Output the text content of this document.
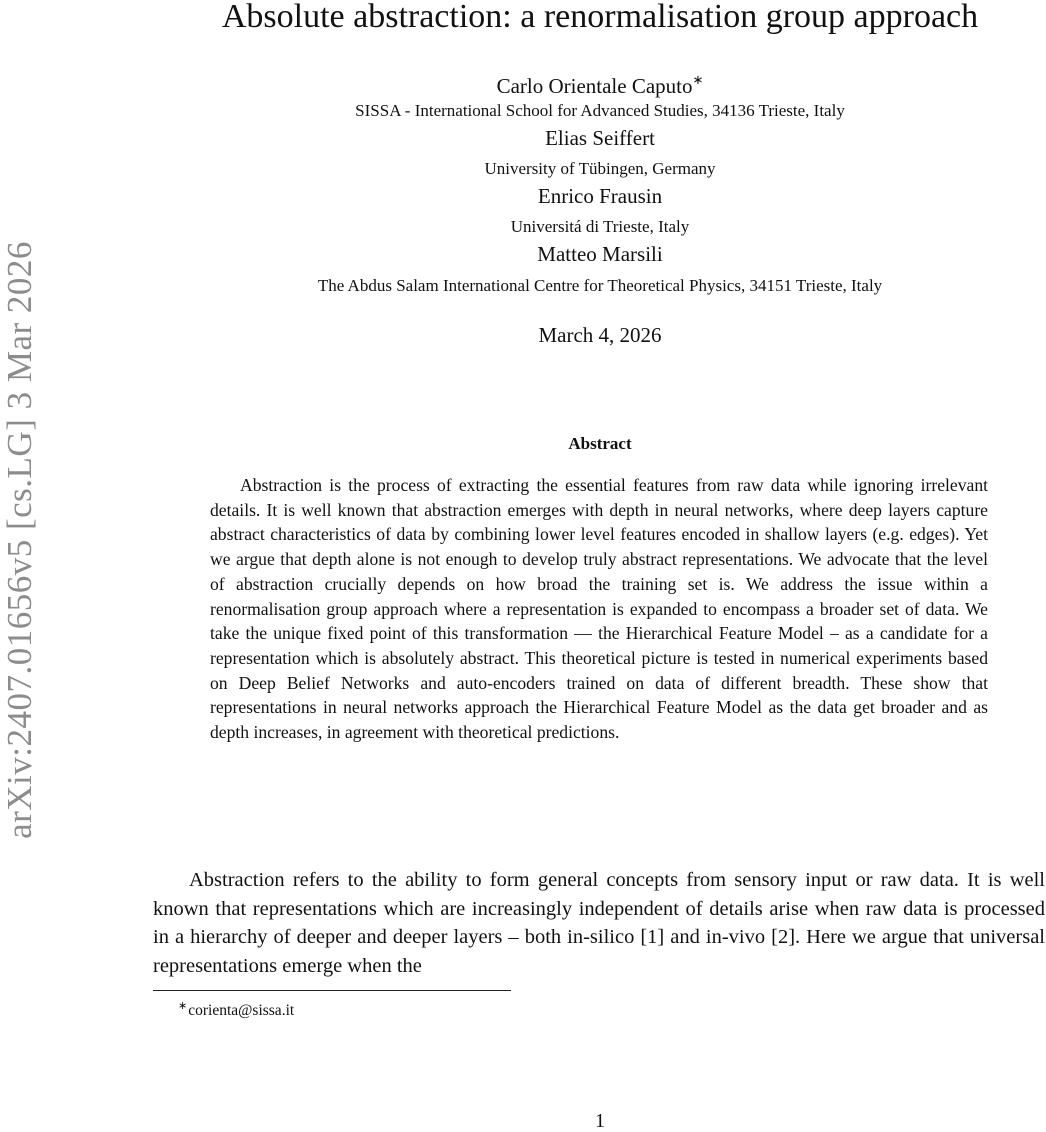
arXiv:2407.01656v5 [cs.LG] 3 Mar 2026
Absolute abstraction: a renormalisation group approach
Carlo Orientale Caputo∗
SISSA - International School for Advanced Studies, 34136 Trieste, Italy
Elias Seiffert
University of Tübingen, Germany
Enrico Frausin
Universitá di Trieste, Italy
Matteo Marsili
The Abdus Salam International Centre for Theoretical Physics, 34151 Trieste, Italy
March 4, 2026
Abstract
Abstraction is the process of extracting the essential features from raw data while ignoring irrelevant details. It is well known that abstraction emerges with depth in neural networks, where deep layers capture abstract characteristics of data by combining lower level features encoded in shallow layers (e.g. edges). Yet we argue that depth alone is not enough to develop truly abstract representations. We advocate that the level of abstraction crucially depends on how broad the training set is. We address the issue within a renormalisation group approach where a representation is expanded to encompass a broader set of data. We take the unique fixed point of this transformation — the Hierarchical Feature Model – as a candidate for a representation which is absolutely abstract. This theoretical picture is tested in numerical experiments based on Deep Belief Networks and auto-encoders trained on data of different breadth. These show that representations in neural networks approach the Hierarchical Feature Model as the data get broader and as depth increases, in agreement with theoretical predictions.
Abstraction refers to the ability to form general concepts from sensory input or raw data. It is well known that representations which are increasingly independent of details arise when raw data is processed in a hierarchy of deeper and deeper layers – both in-silico [1] and in-vivo [2]. Here we argue that universal representations emerge when the
∗corienta@sissa.it
1
